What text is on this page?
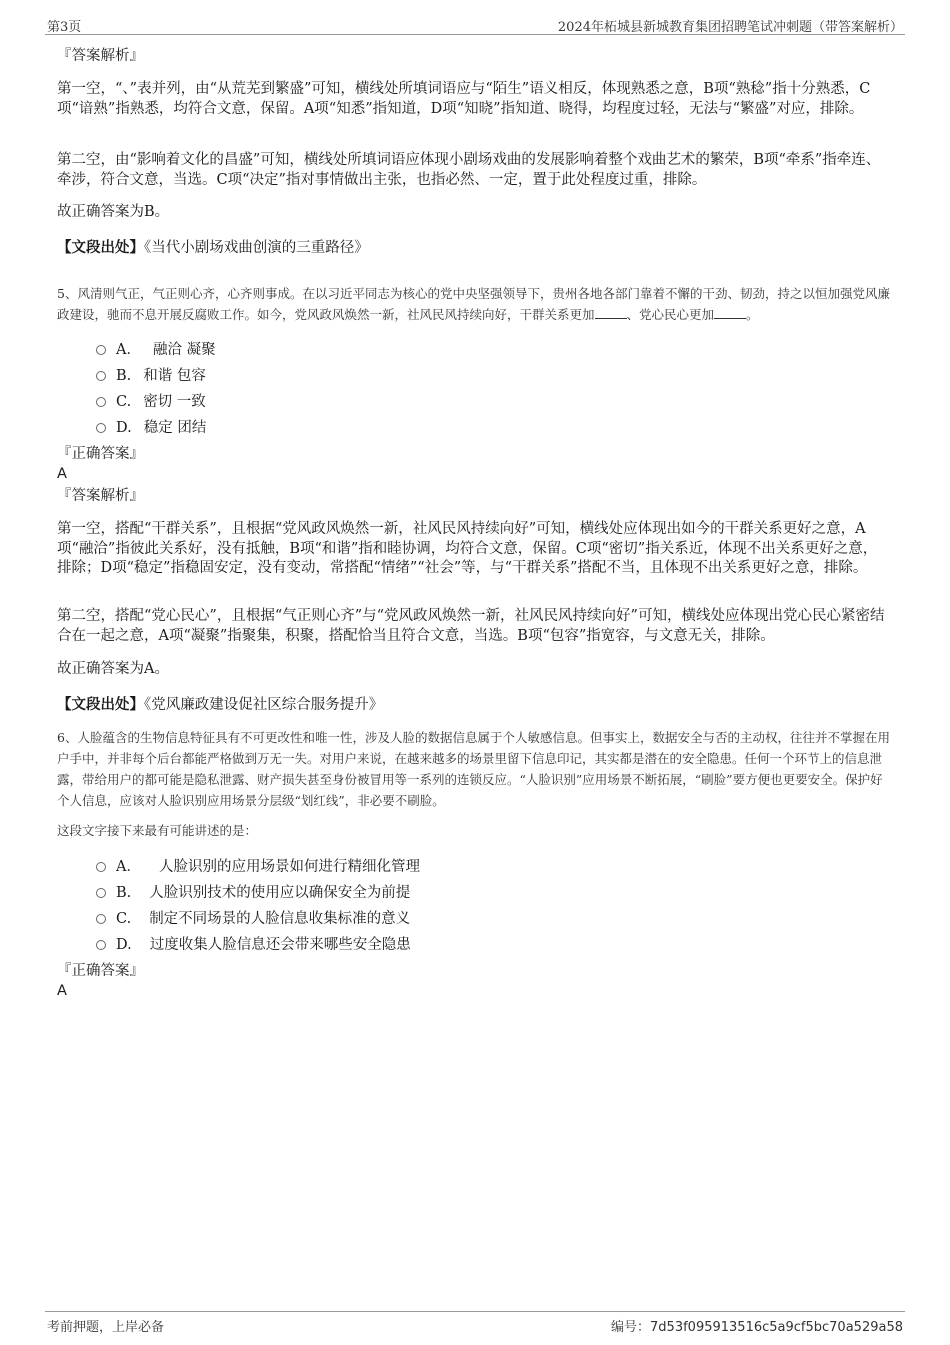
第3页	2024年柘城县新城教育集团招聘笔试冲刺题（带答案解析）
『答案解析』

第一空，“、”表并列，由“从荒芜到繁盛”可知，横线处所填词语应与“陌生”语义相反，体现熟悉之意，B项“熟稔”指十分熟悉，C项“谙熟”指熟悉，均符合文意，保留。A项“知悉”指知道，D项“知晓”指知道、晓得，均程度过轻，无法与“繁盛”对应，排除。

第二空，由“影响着文化的昌盛”可知，横线处所填词语应体现小剧场戏曲的发展影响着整个戏曲艺术的繁荣，B项“牵系”指牵连、牵涉，符合文意，当选。C项“决定”指对事情做出主张，也指必然、一定，置于此处程度过重，排除。

故正确答案为B。

【文段出处】《当代小剧场戏曲创演的三重路径》

5、风清则气正，气正则心齐，心齐则事成。在以习近平同志为核心的党中央坚强领导下，贵州各地各部门靠着不懈的干劲、韧劲，持之以恒加强党风廉政建设，驰而不息开展反腐败工作。如今，党风政风焕然一新，社风民风持续向好，干群关系更加	、党心民心更加	。

A． 融洽 凝聚
B. 和谐 包容
C. 密切 一致
D. 稳定 团结
『正确答案』
A
『答案解析』

第一空，搭配“干群关系”，且根据“党风政风焕然一新，社风民风持续向好”可知，横线处应体现出如今的干群关系更好之意，A项“融洽”指彼此关系好，没有抵触，B项“和谐”指和睦协调，均符合文意，保留。C项“密切”指关系近，体现不出关系更好之意，排除；D项“稳定”指稳固安定，没有变动，常搭配“情绪”“社会”等，与“干群关系”搭配不当，且体现不出关系更好之意，排除。

第二空，搭配“党心民心”，且根据“气正则心齐”与“党风政风焕然一新，社风民风持续向好”可知，横线处应体现出党心民心紧密结合在一起之意，A项“凝聚”指聚集，积聚，搭配恰当且符合文意，当选。B项“包容”指宽容，与文意无关，排除。

故正确答案为A。

【文段出处】《党风廉政建设促社区综合服务提升》

6、人脸蕴含的生物信息特征具有不可更改性和唯一性，涉及人脸的数据信息属于个人敏感信息。但事实上，数据安全与否的主动权，往往并不掌握在用户手中，并非每个后台都能严格做到万无一失。对用户来说，在越来越多的场景里留下信息印记，其实都是潜在的安全隐患。任何一个环节上的信息泄露，带给用户的都可能是隐私泄露、财产损失甚至身份被冒用等一系列的连锁反应。“人脸识别”应用场景不断拓展，“刷脸”要方便也更要安全。保护好个人信息，应该对人脸识别应用场景分层级“划红线”，非必要不刷脸。

这段文字接下来最有可能讲述的是：

A． 人脸识别的应用场景如何进行精细化管理
B. 人脸识别技术的使用应以确保安全为前提
C. 制定不同场景的人脸信息收集标准的意义
D. 过度收集人脸信息还会带来哪些安全隐患
『正确答案』
A
考前押题，上岸必备	编号：7d53f095913516c5a9cf5bc70a529a58
